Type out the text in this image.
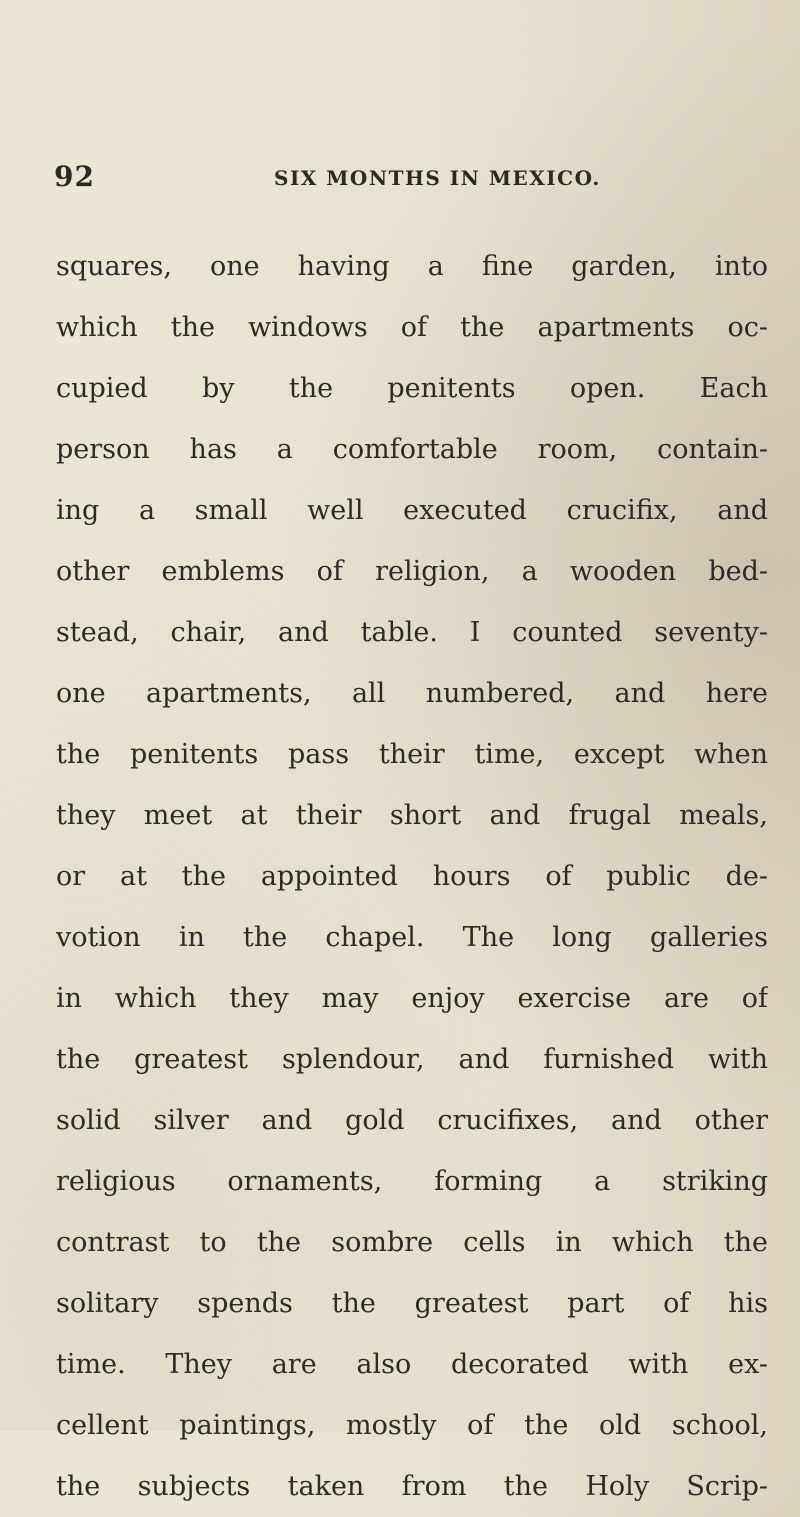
92	SIX MONTHS IN MEXICO.
squares, one having a fine garden, into
which the windows of the apartments oc-
cupied by the penitents open. Each
person has a comfortable room, contain-
ing a small well executed crucifix, and
other emblems of religion, a wooden bed-
stead, chair, and table. I counted seventy-
one apartments, all numbered, and here
the penitents pass their time, except when
they meet at their short and frugal meals,
or at the appointed hours of public de-
votion in the chapel. The long galleries
in which they may enjoy exercise are of
the greatest splendour, and furnished with
solid silver and gold crucifixes, and other
religious ornaments, forming a striking
contrast to the sombre cells in which the
solitary spends the greatest part of his
time. They are also decorated with ex-
cellent paintings, mostly of the old school,
the subjects taken from the Holy Scrip-
